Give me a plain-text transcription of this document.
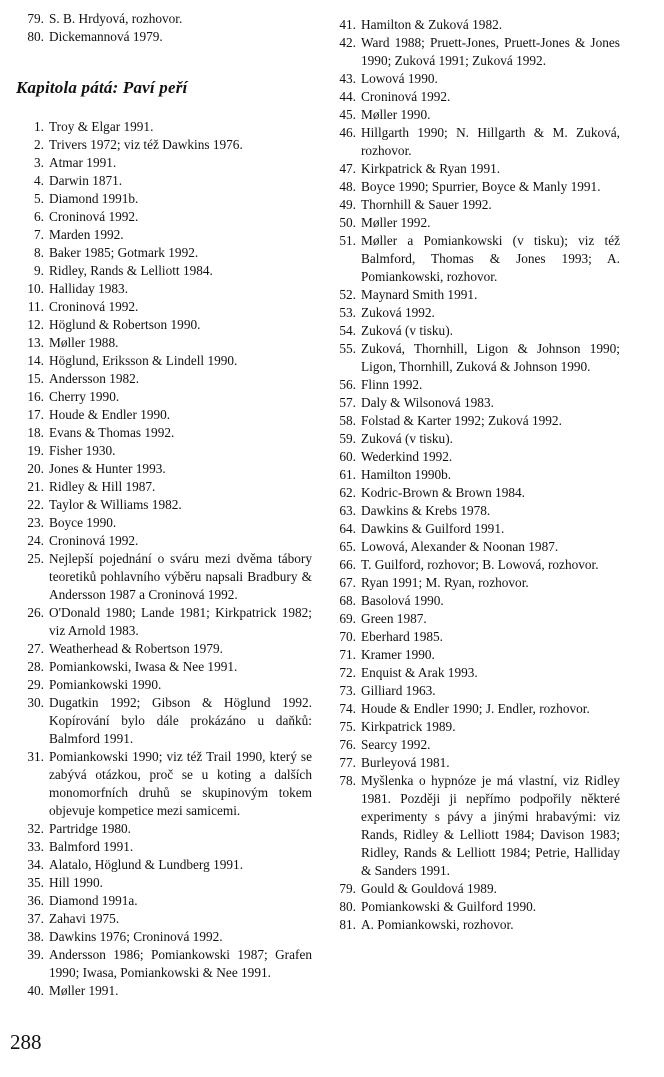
79. S. B. Hrdyová, rozhovor.
80. Dickemannová 1979.
Kapitola pátá: Paví peří
1. Troy & Elgar 1991.
2. Trivers 1972; viz též Dawkins 1976.
3. Atmar 1991.
4. Darwin 1871.
5. Diamond 1991b.
6. Croninová 1992.
7. Marden 1992.
8. Baker 1985; Gotmark 1992.
9. Ridley, Rands & Lelliott 1984.
10. Halliday 1983.
11. Croninová 1992.
12. Höglund & Robertson 1990.
13. Møller 1988.
14. Höglund, Eriksson & Lindell 1990.
15. Andersson 1982.
16. Cherry 1990.
17. Houde & Endler 1990.
18. Evans & Thomas 1992.
19. Fisher 1930.
20. Jones & Hunter 1993.
21. Ridley & Hill 1987.
22. Taylor & Williams 1982.
23. Boyce 1990.
24. Croninová 1992.
25. Nejlepší pojednání o sváru mezi dvěma tábory teoretiků pohlavního výběru napsali Bradbury & Andersson 1987 a Croninová 1992.
26. O'Donald 1980; Lande 1981; Kirkpatrick 1982; viz Arnold 1983.
27. Weatherhead & Robertson 1979.
28. Pomiankowski, Iwasa & Nee 1991.
29. Pomiankowski 1990.
30. Dugatkin 1992; Gibson & Höglund 1992. Kopírování bylo dále prokázáno u daňků: Balmford 1991.
31. Pomiankowski 1990; viz též Trail 1990, který se zabývá otázkou, proč se u koting a dalších monomorfních druhů se skupinovým tokem objevuje kompetice mezi samicemi.
32. Partridge 1980.
33. Balmford 1991.
34. Alatalo, Höglund & Lundberg 1991.
35. Hill 1990.
36. Diamond 1991a.
37. Zahavi 1975.
38. Dawkins 1976; Croninová 1992.
39. Andersson 1986; Pomiankowski 1987; Grafen 1990; Iwasa, Pomiankowski & Nee 1991.
40. Møller 1991.
41. Hamilton & Zuková 1982.
42. Ward 1988; Pruett-Jones, Pruett-Jones & Jones 1990; Zuková 1991; Zuková 1992.
43. Lowová 1990.
44. Croninová 1992.
45. Møller 1990.
46. Hillgarth 1990; N. Hillgarth & M. Zuková, rozhovor.
47. Kirkpatrick & Ryan 1991.
48. Boyce 1990; Spurrier, Boyce & Manly 1991.
49. Thornhill & Sauer 1992.
50. Møller 1992.
51. Møller a Pomiankowski (v tisku); viz též Balmford, Thomas & Jones 1993; A. Pomiankowski, rozhovor.
52. Maynard Smith 1991.
53. Zuková 1992.
54. Zuková (v tisku).
55. Zuková, Thornhill, Ligon & Johnson 1990; Ligon, Thornhill, Zuková & Johnson 1990.
56. Flinn 1992.
57. Daly & Wilsonová 1983.
58. Folstad & Karter 1992; Zuková 1992.
59. Zuková (v tisku).
60. Wederkind 1992.
61. Hamilton 1990b.
62. Kodric-Brown & Brown 1984.
63. Dawkins & Krebs 1978.
64. Dawkins & Guilford 1991.
65. Lowová, Alexander & Noonan 1987.
66. T. Guilford, rozhovor; B. Lowová, rozhovor.
67. Ryan 1991; M. Ryan, rozhovor.
68. Basolová 1990.
69. Green 1987.
70. Eberhard 1985.
71. Kramer 1990.
72. Enquist & Arak 1993.
73. Gilliard 1963.
74. Houde & Endler 1990; J. Endler, rozhovor.
75. Kirkpatrick 1989.
76. Searcy 1992.
77. Burleyová 1981.
78. Myšlenka o hypnóze je má vlastní, viz Ridley 1981. Později ji nepřímo podpořily některé experimenty s pávy a jinými hrabavými: viz Rands, Ridley & Lelliott 1984; Davison 1983; Ridley, Rands & Lelliott 1984; Petrie, Halliday & Sanders 1991.
79. Gould & Gouldová 1989.
80. Pomiankowski & Guilford 1990.
81. A. Pomiankowski, rozhovor.
288
